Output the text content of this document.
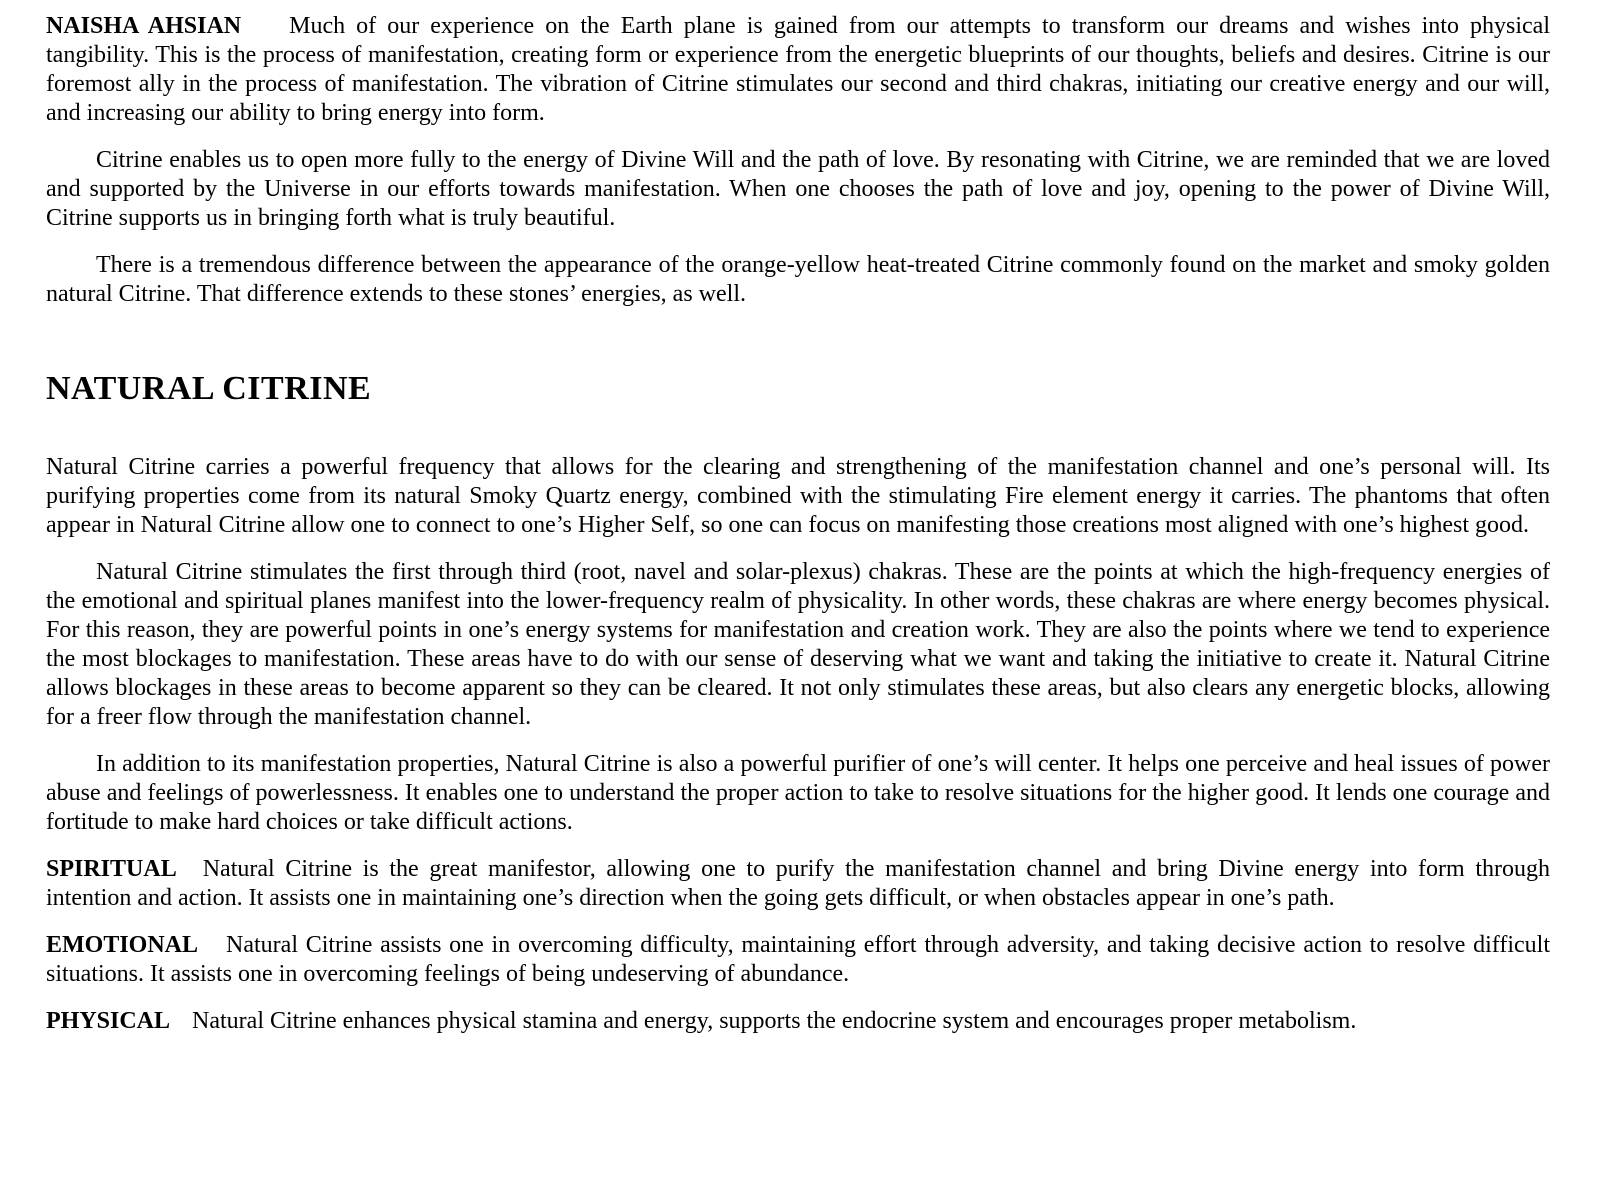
NAISHA AHSIAN Much of our experience on the Earth plane is gained from our attempts to transform our dreams and wishes into physical tangibility. This is the process of manifestation, creating form or experience from the energetic blueprints of our thoughts, beliefs and desires. Citrine is our foremost ally in the process of manifestation. The vibration of Citrine stimulates our second and third chakras, initiating our creative energy and our will, and increasing our ability to bring energy into form.

Citrine enables us to open more fully to the energy of Divine Will and the path of love. By resonating with Citrine, we are reminded that we are loved and supported by the Universe in our efforts towards manifestation. When one chooses the path of love and joy, opening to the power of Divine Will, Citrine supports us in bringing forth what is truly beautiful.

There is a tremendous difference between the appearance of the orange-yellow heat-treated Citrine commonly found on the market and smoky golden natural Citrine. That difference extends to these stones’ energies, as well.

NATURAL CITRINE

Natural Citrine carries a powerful frequency that allows for the clearing and strengthening of the manifestation channel and one’s personal will. Its purifying properties come from its natural Smoky Quartz energy, combined with the stimulating Fire element energy it carries. The phantoms that often appear in Natural Citrine allow one to connect to one’s Higher Self, so one can focus on manifesting those creations most aligned with one’s highest good.

Natural Citrine stimulates the first through third (root, navel and solar-plexus) chakras. These are the points at which the high-frequency energies of the emotional and spiritual planes manifest into the lower-frequency realm of physicality. In other words, these chakras are where energy becomes physical. For this reason, they are powerful points in one’s energy systems for manifestation and creation work. They are also the points where we tend to experience the most blockages to manifestation. These areas have to do with our sense of deserving what we want and taking the initiative to create it. Natural Citrine allows blockages in these areas to become apparent so they can be cleared. It not only stimulates these areas, but also clears any energetic blocks, allowing for a freer flow through the manifestation channel.

In addition to its manifestation properties, Natural Citrine is also a powerful purifier of one’s will center. It helps one perceive and heal issues of power abuse and feelings of powerlessness. It enables one to understand the proper action to take to resolve situations for the higher good. It lends one courage and fortitude to make hard choices or take difficult actions.

SPIRITUAL Natural Citrine is the great manifestor, allowing one to purify the manifestation channel and bring Divine energy into form through intention and action. It assists one in maintaining one’s direction when the going gets difficult, or when obstacles appear in one’s path.

EMOTIONAL Natural Citrine assists one in overcoming difficulty, maintaining effort through adversity, and taking decisive action to resolve difficult situations. It assists one in overcoming feelings of being undeserving of abundance.

PHYSICAL Natural Citrine enhances physical stamina and energy, supports the endocrine system and encourages proper metabolism.
